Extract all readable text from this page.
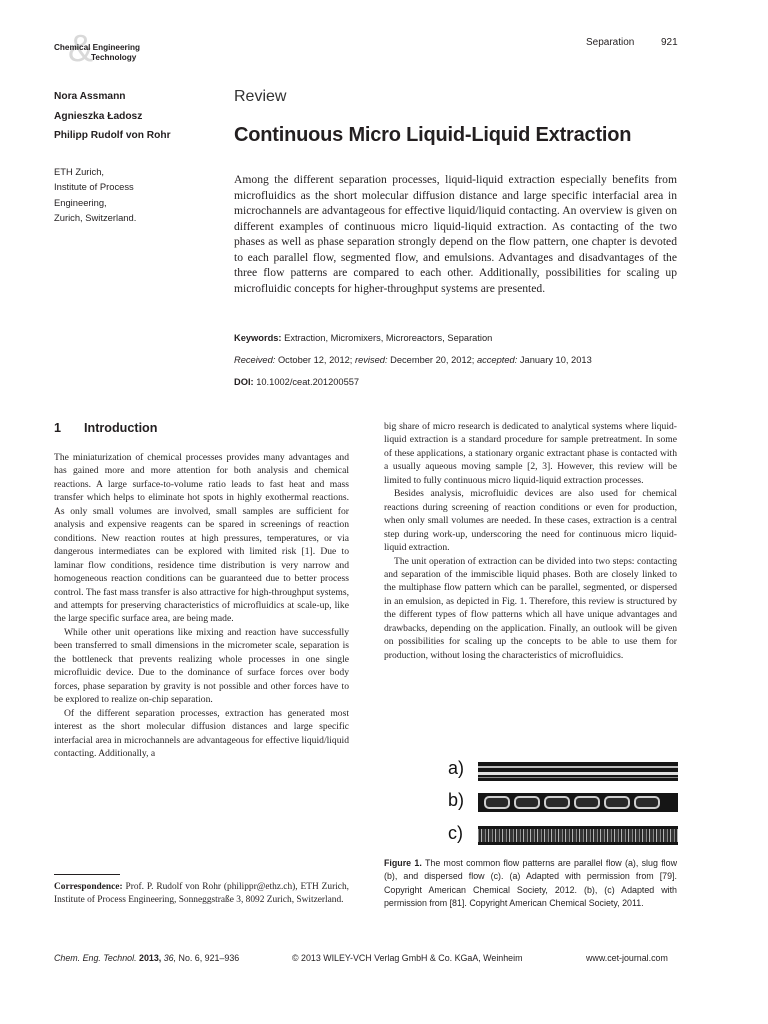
&
Chemical Engineering
Technology
Separation	921
Nora Assmann
Agnieszka Ładosz
Philipp Rudolf von Rohr
ETH Zurich,
Institute of Process
Engineering,
Zurich, Switzerland.
Review
Continuous Micro Liquid-Liquid Extraction
Among the different separation processes, liquid-liquid extraction especially benefits from microfluidics as the short molecular diffusion distance and large specific interfacial area in microchannels are advantageous for effective liquid/liquid contacting. An overview is given on different examples of continuous micro liquid-liquid extraction. As contacting of the two phases as well as phase separation strongly depend on the flow pattern, one chapter is devoted to each parallel flow, segmented flow, and emulsions. Advantages and disadvantages of the three flow patterns are compared to each other. Additionally, possibilities for scaling up microfluidic concepts for higher-throughput systems are presented.
Keywords: Extraction, Micromixers, Microreactors, Separation
Received: October 12, 2012; revised: December 20, 2012; accepted: January 10, 2013
DOI: 10.1002/ceat.201200557
1 Introduction

The miniaturization of chemical processes provides many advantages and has gained more and more attention for both analysis and chemical reactions. A large surface-to-volume ratio leads to fast heat and mass transfer which helps to eliminate hot spots in highly exothermal reactions. As only small volumes are involved, small samples are sufficient for analysis and expensive reagents can be spared in screenings of reaction conditions. New reaction routes at high pressures, temperatures, or via dangerous intermediates can be explored with limited risk [1]. Due to laminar flow conditions, residence time distribution is very narrow and homogeneous reaction conditions can be guaranteed due to better process control. The fast mass transfer is also attractive for high-throughput systems, and attempts for preserving characteristics of microfluidics at scale-up, like the large specific surface area, are being made.

While other unit operations like mixing and reaction have successfully been transferred to small dimensions in the micrometer scale, separation is the bottleneck that prevents realizing whole processes in one single microfluidic device. Due to the dominance of surface forces over body forces, phase separation by gravity is not possible and other forces have to be explored to realize on-chip separation.

Of the different separation processes, extraction has generated most interest as the short molecular diffusion distances and large specific interfacial area in microchannels are advantageous for effective liquid/liquid contacting. Additionally, a

big share of micro research is dedicated to analytical systems where liquid-liquid extraction is a standard procedure for sample pretreatment. In some of these applications, a stationary organic extractant phase is contacted with a usually aqueous moving sample [2, 3]. However, this review will be limited to fully continuous micro liquid-liquid extraction processes.

Besides analysis, microfluidic devices are also used for chemical reactions during screening of reaction conditions or even for production, when only small volumes are needed. In these cases, extraction is a central step during work-up, underscoring the need for continuous micro liquid-liquid extraction.

The unit operation of extraction can be divided into two steps: contacting and separation of the immiscible liquid phases. Both are closely linked to the multiphase flow pattern which can be parallel, segmented, or dispersed in an emulsion, as depicted in Fig. 1. Therefore, this review is structured by the different types of flow patterns which all have unique advantages and drawbacks, depending on the application. Finally, an outlook will be given on possibilities for scaling up the concepts to be able to use them for production, without losing the characteristics of microfluidics.

a)
b)
c)
Figure 1. The most common flow patterns are parallel flow (a), slug flow (b), and dispersed flow (c). (a) Adapted with permission from [79]. Copyright American Chemical Society, 2012. (b), (c) Adapted with permission from [81]. Copyright American Chemical Society, 2011.
Correspondence: Prof. P. Rudolf von Rohr (philippr@ethz.ch), ETH Zurich, Institute of Process Engineering, Sonneggstraße 3, 8092 Zurich, Switzerland.
Chem. Eng. Technol. 2013, 36, No. 6, 921–936	© 2013 WILEY-VCH Verlag GmbH & Co. KGaA, Weinheim	www.cet-journal.com
